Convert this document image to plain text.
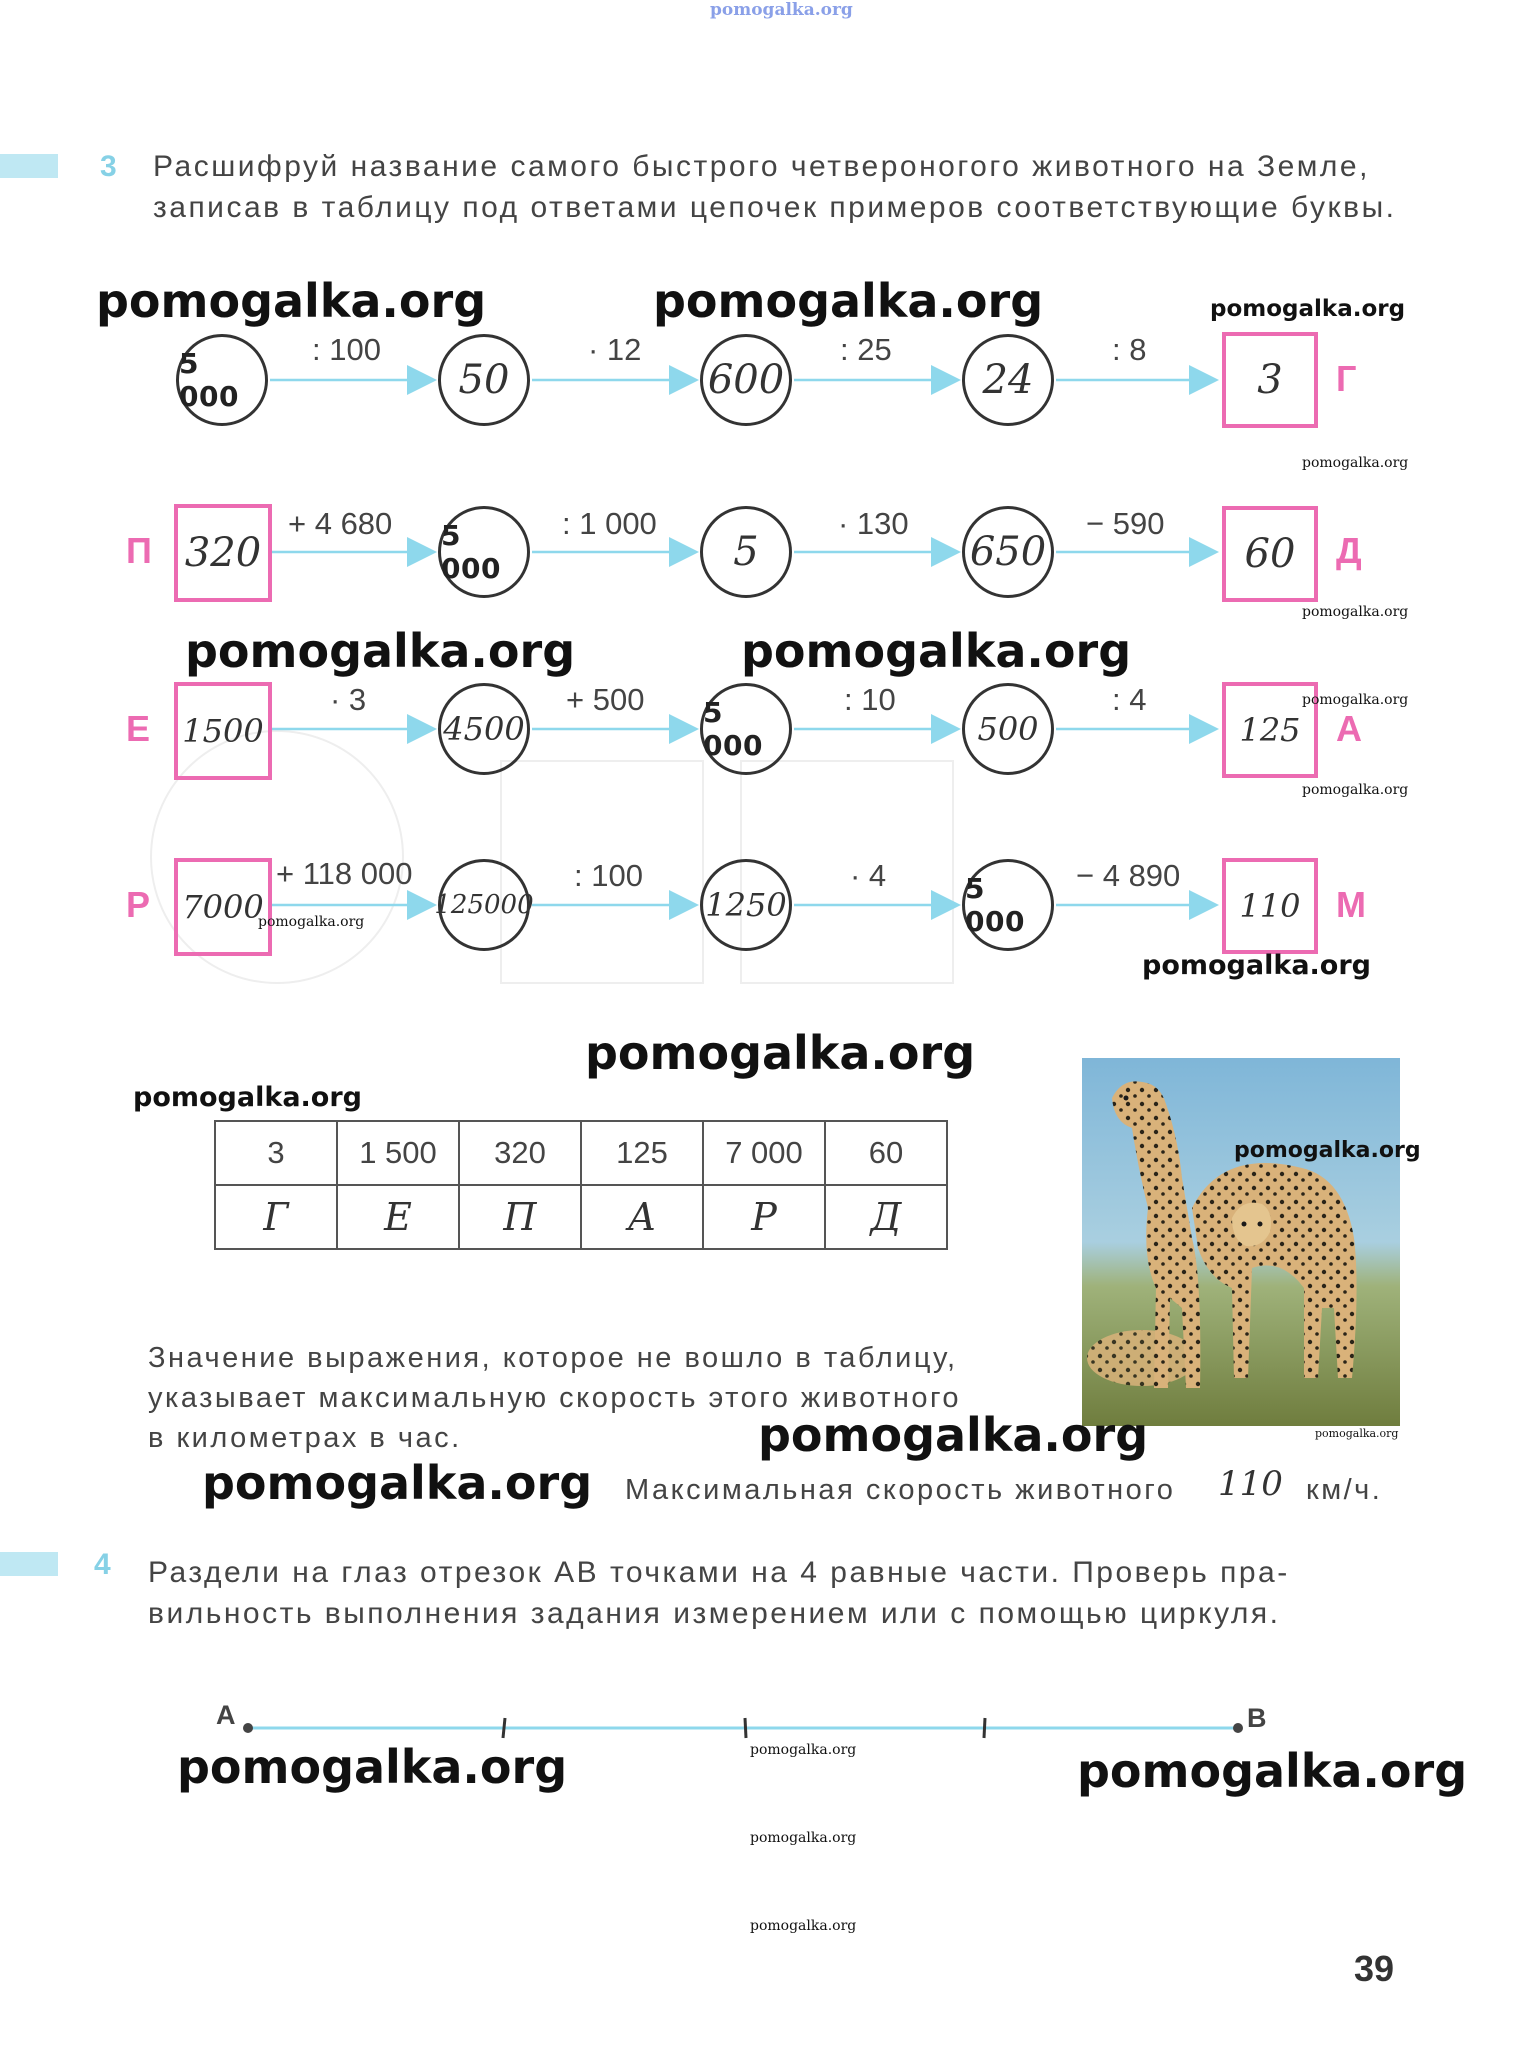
pomogalka.org
3 Расшифруй название самого быстрого четвероногого животного на Земле,
записав в таблицу под ответами цепочек примеров соответствующие буквы.
5 000	50	600	24	3 Г
: 100	· 12	: 25	: 8
П 320	5 000	5	650	60 Д
+ 4 680	: 1 000	· 130	− 590
Е 1500	4500	5 000	500	125 А
· 3	+ 500	: 10	: 4
Р 7000	125000	1250	5 000	110 М
+ 118 000	: 100	· 4	− 4 890
3	1 500	320	125	7 000	60
Г	Е	П	А	Р	Д
Значение выражения, которое не вошло в таблицу,
указывает максимальную скорость этого животного
в километрах в час.
Максимальная скорость животного 110 км/ч.
4 Раздели на глаз отрезок АВ точками на 4 равные части. Проверь пра-
вильность выполнения задания измерением или с помощью циркуля.
А	В
39
pomogalka.org	pomogalka.org	pomogalka.org
pomogalka.org
pomogalka.org
pomogalka.org	pomogalka.org
pomogalka.org
pomogalka.org
pomogalka.org
pomogalka.org
pomogalka.org
pomogalka.org
pomogalka.org
pomogalka.org	pomogalka.org
pomogalka.org
pomogalka.org
pomogalka.org	pomogalka.org
pomogalka.org
pomogalka.org
